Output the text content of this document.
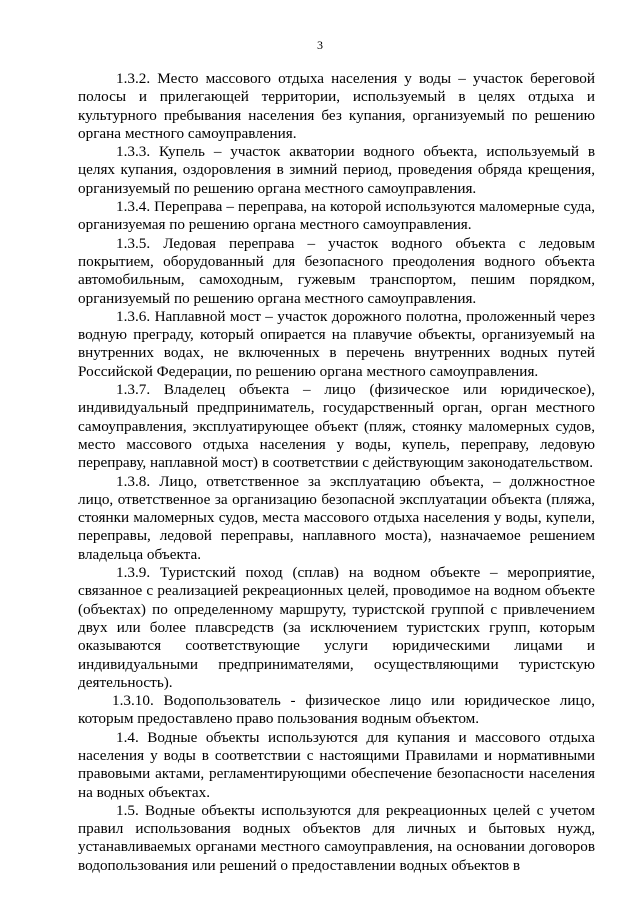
3

1.3.2. Место массового отдыха населения у воды – участок береговой полосы и прилегающей территории, используемый в целях отдыха и культурного пребывания населения без купания, организуемый по решению органа местного самоуправления.

1.3.3. Купель – участок акватории водного объекта, используемый в целях купания, оздоровления в зимний период, проведения обряда крещения, организуемый по решению органа местного самоуправления.

1.3.4. Переправа – переправа, на которой используются маломерные суда, организуемая по решению органа местного самоуправления.

1.3.5. Ледовая переправа – участок водного объекта с ледовым покрытием, оборудованный для безопасного преодоления водного объекта автомобильным, самоходным, гужевым транспортом, пешим порядком, организуемый по решению органа местного самоуправления.

1.3.6. Наплавной мост – участок дорожного полотна, проложенный через водную преграду, который опирается на плавучие объекты, организуемый на внутренних водах, не включенных в перечень внутренних водных путей Российской Федерации, по решению органа местного самоуправления.

1.3.7. Владелец объекта – лицо (физическое или юридическое), индивидуальный предприниматель, государственный орган, орган местного самоуправления, эксплуатирующее объект (пляж, стоянку маломерных судов, место массового отдыха населения у воды, купель, переправу, ледовую переправу, наплавной мост) в соответствии с действующим законодательством.

1.3.8. Лицо, ответственное за эксплуатацию объекта, – должностное лицо, ответственное за организацию безопасной эксплуатации объекта (пляжа, стоянки маломерных судов, места массового отдыха населения у воды, купели, переправы, ледовой переправы, наплавного моста), назначаемое решением владельца объекта.

1.3.9. Туристский поход (сплав) на водном объекте – мероприятие, связанное с реализацией рекреационных целей, проводимое на водном объекте (объектах) по определенному маршруту, туристской группой с привлечением двух или более плавсредств (за исключением туристских групп, которым оказываются соответствующие услуги юридическими лицами и индивидуальными предпринимателями, осуществляющими туристскую деятельность).

1.3.10. Водопользователь - физическое лицо или юридическое лицо, которым предоставлено право пользования водным объектом.

1.4. Водные объекты используются для купания и массового отдыха населения у воды в соответствии с настоящими Правилами и нормативными правовыми актами, регламентирующими обеспечение безопасности населения на водных объектах.

1.5. Водные объекты используются для рекреационных целей с учетом правил использования водных объектов для личных и бытовых нужд, устанавливаемых органами местного самоуправления, на основании договоров водопользования или решений о предоставлении водных объектов в
